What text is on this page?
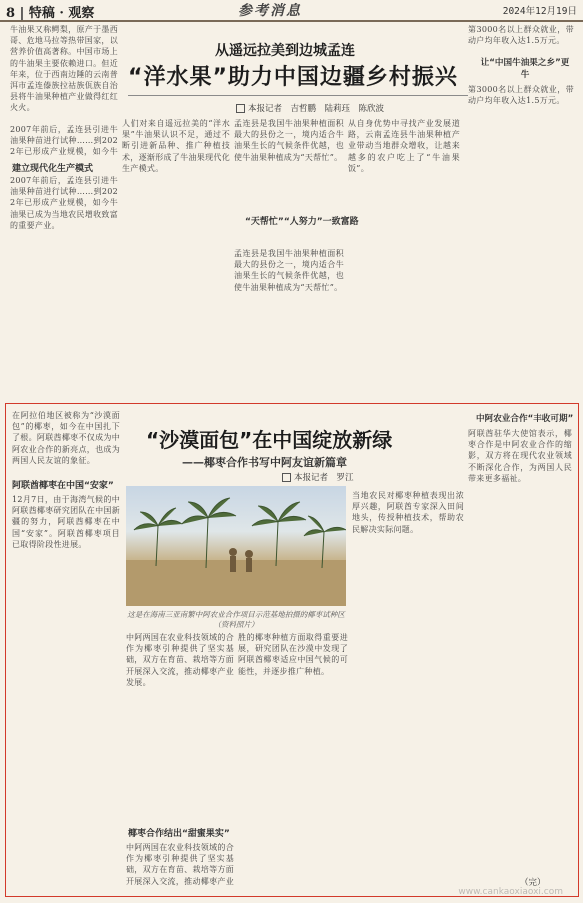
8 | 特稿 · 观察	参考消息	2024年12月19日
牛油果又称鳄梨，原产于墨西哥、危地马拉等热带国家，以营养价值高著称。中国市场上的牛油果主要依赖进口。但近年来，位于西南边陲的云南普洱市孟连傣族拉祜族佤族自治县将牛油果种植产业做得红红火火。
从遥远拉美到边城孟连
“洋水果”助力中国边疆乡村振兴
本报记者　吉哲鹏　陆莉珏　陈欣波
2007年前后，孟连县引进牛油果种苗进行试种……到2022年已形成产业规模，如今牛
建立现代化生产模式
2007年前后，孟连县引进牛油果种苗进行试种……到2022年已形成产业规模，如今牛油果已成为当地农民增收致富的重要产业。
人们对来自遥远拉美的“洋水果”牛油果认识不足，通过不断引进新品种、推广种植技术，逐渐形成了牛油果现代化生产模式。
孟连县是我国牛油果种植面积最大的县份之一，境内适合牛油果生长的气候条件优越，也使牛油果种植成为“天帮忙”。
“天帮忙”“人努力”一致富路
孟连县是我国牛油果种植面积最大的县份之一，境内适合牛油果生长的气候条件优越，也使牛油果种植成为“天帮忙”。
从自身优势中寻找产业发展道路，云南孟连县牛油果种植产业带动当地群众增收，让越来越多的农户吃上了“牛油果饭”。
第3000名以上群众就业，带动户均年收入达1.5万元。
让“中国牛油果之乡”更牛
第3000名以上群众就业，带动户均年收入达1.5万元。
在阿拉伯地区被称为“沙漠面包”的椰枣，如今在中国扎下了根。阿联酋椰枣不仅成为中阿农业合作的新亮点，也成为两国人民友谊的象征。
阿联酋椰枣在中国“安家”
12月7日，由于海湾气候的中阿联酋椰枣研究团队在中国新疆的努力，阿联酋椰枣在中国“安家”。阿联酋椰枣项目已取得阶段性进展。
“沙漠面包”在中国绽放新绿
——椰枣合作书写中阿友谊新篇章
本报记者　罗江
这是在海南三亚南繁中阿农业合作项目示范基地拍摄的椰枣试种区（资料照片）
中阿两国在农业科技领域的合作为椰枣引种提供了坚实基础，双方在育苗、栽培等方面开展深入交流，推动椰枣产业发展。
椰枣合作结出“甜蜜果实”
中阿两国在农业科技领域的合作为椰枣引种提供了坚实基础，双方在育苗、栽培等方面开展深入交流，推动椰枣产业
胜的椰枣种植方面取得重要进展，研究团队在沙漠中发现了阿联酋椰枣适应中国气候的可能性，并逐步推广种植。
当地农民对椰枣种植表现出浓厚兴趣，阿联酋专家深入田间地头，传授种植技术，帮助农民解决实际问题。
中阿农业合作“丰收可期”
阿联酋驻华大使馆表示，椰枣合作是中阿农业合作的缩影，双方将在现代农业领域不断深化合作，为两国人民带来更多福祉。
（完）
www.cankaoxiaoxi.com
